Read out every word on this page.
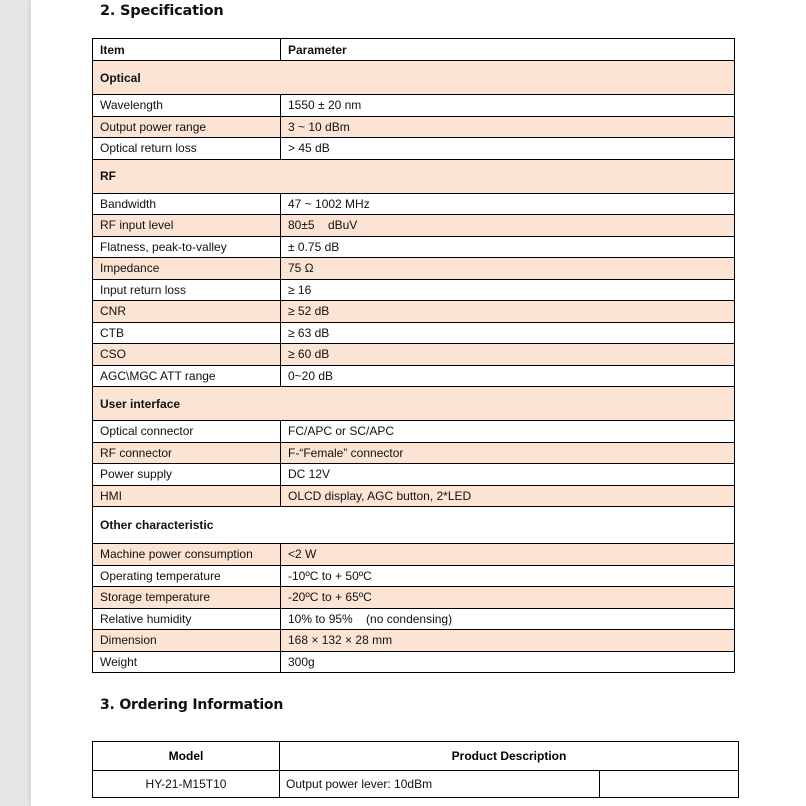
2. Specification
Item	Parameter
Optical	
Wavelength	1550 ± 20 nm
Output power range	3 ~ 10 dBm
Optical return loss	> 45 dB
RF	
Bandwidth	47 ~ 1002 MHz
RF input level	80±5    dBuV
Flatness, peak-to-valley	± 0.75 dB
Impedance	75 Ω
Input return loss	≥ 16
CNR	≥ 52 dB
CTB	≥ 63 dB
CSO	≥ 60 dB
AGC\MGC ATT range	0~20 dB
User interface	
Optical connector	FC/APC or SC/APC
RF connector	F-“Female” connector
Power supply	DC 12V
HMI	OLCD display, AGC button, 2*LED
Other characteristic	
Machine power consumption	<2 W
Operating temperature	-10ºC to + 50ºC
Storage temperature	-20ºC to + 65ºC
Relative humidity	10% to 95%    (no condensing)
Dimension	168 × 132 × 28 mm
Weight	300g
3. Ordering Information
Model	Product Description	
HY-21-M15T10	Output power lever: 10dBm	
